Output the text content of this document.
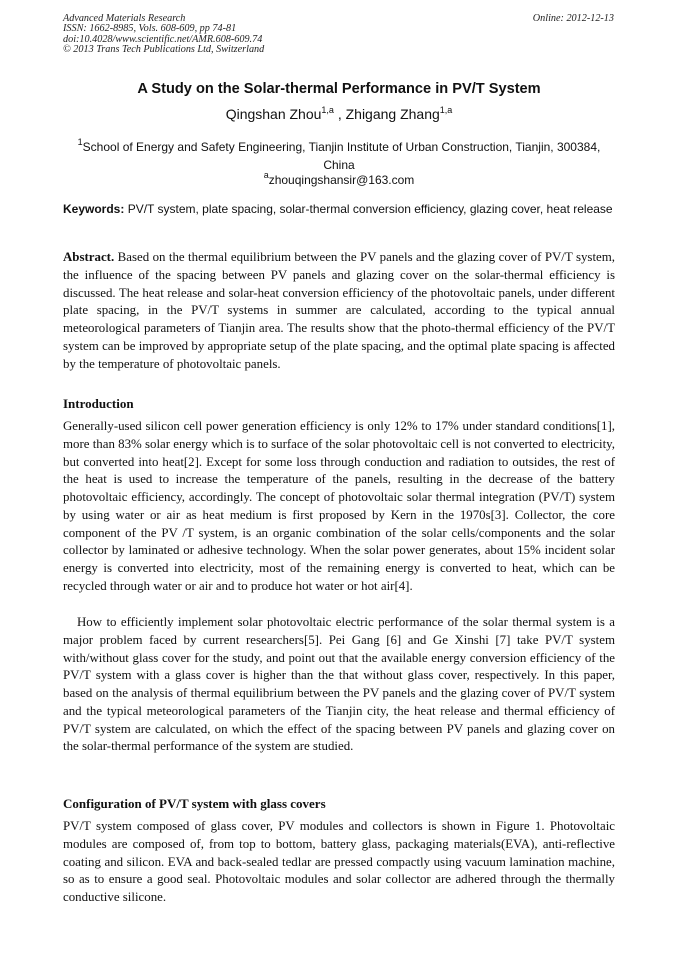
Advanced Materials Research
ISSN: 1662-8985, Vols. 608-609, pp 74-81
doi:10.4028/www.scientific.net/AMR.608-609.74
© 2013 Trans Tech Publications Ltd, Switzerland
Online: 2012-12-13
A Study on the Solar-thermal Performance in PV/T System
Qingshan Zhou$^{1,a}$ , Zhigang Zhang$^{1,a}$
$^1$School of Energy and Safety Engineering, Tianjin Institute of Urban Construction, Tianjin, 300384, China
$^a$zhouqingshansir@163.com
Keywords: PV/T system, plate spacing, solar-thermal conversion efficiency, glazing cover, heat release
Abstract. Based on the thermal equilibrium between the PV panels and the glazing cover of PV/T system, the influence of the spacing between PV panels and glazing cover on the solar-thermal efficiency is discussed. The heat release and solar-heat conversion efficiency of the photovoltaic panels, under different plate spacing, in the PV/T systems in summer are calculated, according to the typical annual meteorological parameters of Tianjin area. The results show that the photo-thermal efficiency of the PV/T system can be improved by appropriate setup of the plate spacing, and the optimal plate spacing is affected by the temperature of photovoltaic panels.
Introduction

Generally-used silicon cell power generation efficiency is only 12% to 17% under standard conditions[1], more than 83% solar energy which is to surface of the solar photovoltaic cell is not converted to electricity, but converted into heat[2]. Except for some loss through conduction and radiation to outsides, the rest of the heat is used to increase the temperature of the panels, resulting in the decrease of the battery photovoltaic efficiency, accordingly. The concept of photovoltaic solar thermal integration (PV/T) system by using water or air as heat medium is first proposed by Kern in the 1970s[3]. Collector, the core component of the PV /T system, is an organic combination of the solar cells/components and the solar collector by laminated or adhesive technology. When the solar power generates, about 15% incident solar energy is converted into electricity, most of the remaining energy is converted to heat, which can be recycled through water or air and to produce hot water or hot air[4].

How to efficiently implement solar photovoltaic electric performance of the solar thermal system is a major problem faced by current researchers[5]. Pei Gang [6] and Ge Xinshi [7] take PV/T system with/without glass cover for the study, and point out that the available energy conversion efficiency of the PV/T system with a glass cover is higher than the that without glass cover, respectively. In this paper, based on the analysis of thermal equilibrium between the PV panels and the glazing cover of PV/T system and the typical meteorological parameters of the Tianjin city, the heat release and thermal efficiency of PV/T system are calculated, on which the effect of the spacing between PV panels and glazing cover on the solar-thermal performance of the system are studied.

Configuration of PV/T system with glass covers

PV/T system composed of glass cover, PV modules and collectors is shown in Figure 1. Photovoltaic modules are composed of, from top to bottom, battery glass, packaging materials(EVA), anti-reflective coating and silicon. EVA and back-sealed tedlar are pressed compactly using vacuum lamination machine, so as to ensure a good seal. Photovoltaic modules and solar collector are adhered through the thermally conductive silicone.
